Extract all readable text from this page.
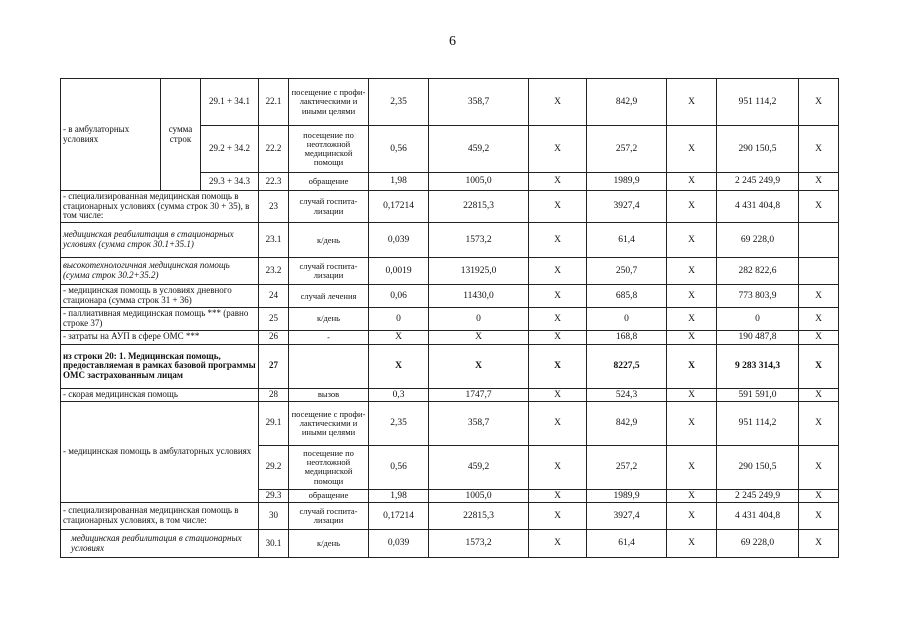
6
- в амбулаторных условиях	сумма строк	29.1 + 34.1	22.1	посещение с профи-лактическими и иными целями	2,35	358,7	Х	842,9	Х	951 114,2	Х
		29.2 + 34.2	22.2	посещение по неотложной медицинской помощи	0,56	459,2	Х	257,2	Х	290 150,5	Х
		29.3 + 34.3	22.3	обращение	1,98	1005,0	Х	1989,9	Х	2 245 249,9	Х
- специализированная медицинская помощь в стационарных условиях (сумма строк 30 + 35), в том числе:			23	случай госпита-лизации	0,17214	22815,3	Х	3927,4	Х	4 431 404,8	Х
медицинская реабилитация в стационарных условиях (сумма строк 30.1+35.1)			23.1	к/день	0,039	1573,2	Х	61,4	Х	69 228,0	
высокотехнологичная медицинская помощь (сумма строк 30.2+35.2)			23.2	случай госпита-лизации	0,0019	131925,0	Х	250,7	Х	282 822,6	
- медицинская помощь в условиях дневного стационара (сумма строк 31 + 36)			24	случай лечения	0,06	11430,0	Х	685,8	Х	773 803,9	Х
- паллиативная медицинская помощь *** (равно строке 37)			25	к/день	0	0	Х	0	Х	0	Х
- затраты на АУП в сфере ОМС ***			26	-	Х	Х	Х	168,8	Х	190 487,8	Х
из строки 20: 1. Медицинская помощь, предоставляемая в рамках базовой программы ОМС застрахованным лицам			27		Х	Х	Х	8227,5	Х	9 283 314,3	Х
- скорая медицинская помощь			28	вызов	0,3	1747,7	Х	524,3	Х	591 591,0	Х
- медицинская помощь в амбулаторных условиях			29.1	посещение с профи-лактическими и иными целями	2,35	358,7	Х	842,9	Х	951 114,2	Х
			29.2	посещение по неотложной медицинской помощи	0,56	459,2	Х	257,2	Х	290 150,5	Х
			29.3	обращение	1,98	1005,0	Х	1989,9	Х	2 245 249,9	Х
- специализированная медицинская помощь в стационарных условиях, в том числе:			30	случай госпита-лизации	0,17214	22815,3	Х	3927,4	Х	4 431 404,8	Х
медицинская реабилитация в стационарных условиях			30.1	к/день	0,039	1573,2	Х	61,4	Х	69 228,0	Х
